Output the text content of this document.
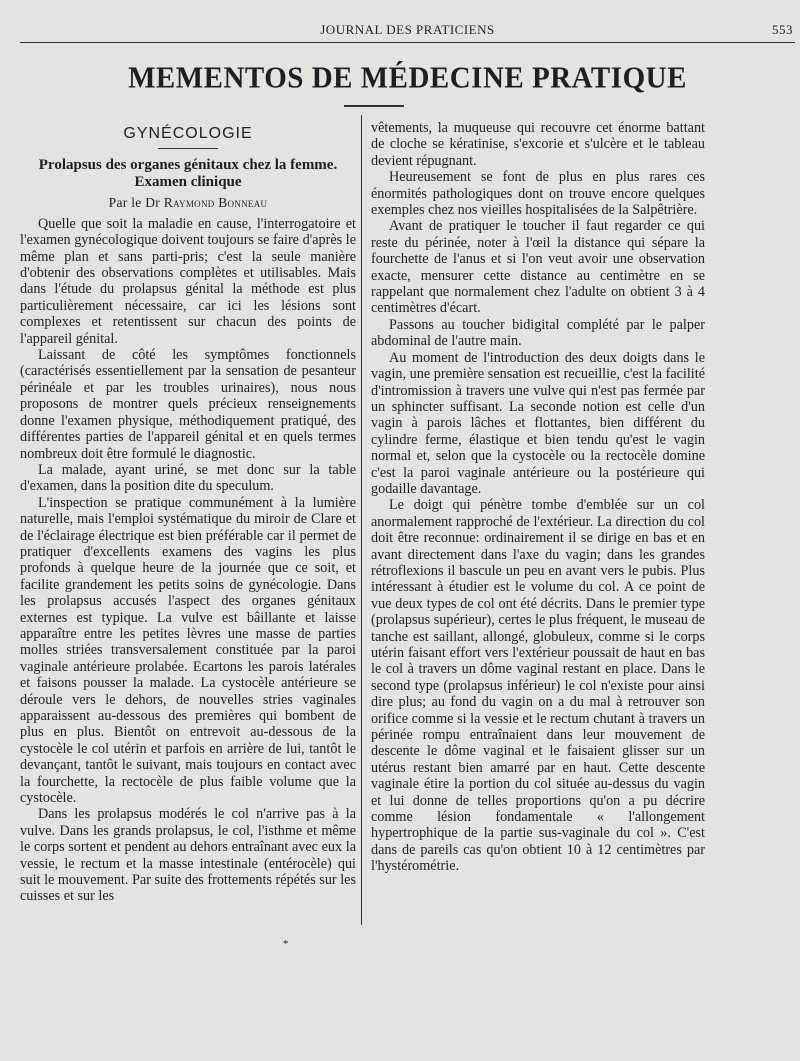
JOURNAL DES PRATICIENS	553
MEMENTOS DE MÉDECINE PRATIQUE
GYNÉCOLOGIE
Prolapsus des organes génitaux chez la femme.
Examen clinique
Par le Dr Raymond Bonneau

Quelle que soit la maladie en cause, l'interrogatoire et l'examen gynécologique doivent toujours se faire d'après le même plan et sans parti-pris; c'est la seule manière d'obtenir des observations complètes et utilisables. Mais dans l'étude du prolapsus génital la méthode est plus particulièrement nécessaire, car ici les lésions sont complexes et retentissent sur chacun des points de l'appareil génital.

Laissant de côté les symptômes fonctionnels (caractérisés essentiellement par la sensation de pesanteur périnéale et par les troubles urinaires), nous nous proposons de montrer quels précieux renseignements donne l'examen physique, méthodiquement pratiqué, des différentes parties de l'appareil génital et en quels termes nombreux doit être formulé le diagnostic.

La malade, ayant uriné, se met donc sur la table d'examen, dans la position dite du speculum.

L'inspection se pratique communément à la lumière naturelle, mais l'emploi systématique du miroir de Clare et de l'éclairage électrique est bien préférable car il permet de pratiquer d'excellents examens des vagins les plus profonds à quelque heure de la journée que ce soit, et facilite grandement les petits soins de gynécologie. Dans les prolapsus accusés l'aspect des organes génitaux externes est typique. La vulve est bâillante et laisse apparaître entre les petites lèvres une masse de parties molles striées transversalement constituée par la paroi vaginale antérieure prolabée. Ecartons les parois latérales et faisons pousser la malade. La cystocèle antérieure se déroule vers le dehors, de nouvelles stries vaginales apparaissent au-dessous des premières qui bombent de plus en plus. Bientôt on entrevoit au-dessous de la cystocèle le col utérin et parfois en arrière de lui, tantôt le devançant, tantôt le suivant, mais toujours en contact avec la fourchette, la rectocèle de plus faible volume que la cystocèle.

Dans les prolapsus modérés le col n'arrive pas à la vulve. Dans les grands prolapsus, le col, l'isthme et même le corps sortent et pendent au dehors entraînant avec eux la vessie, le rectum et la masse intestinale (entérocèle) qui suit le mouvement. Par suite des frottements répétés sur les cuisses et sur les

vêtements, la muqueuse qui recouvre cet énorme battant de cloche se kératinise, s'excorie et s'ulcère et le tableau devient répugnant.

Heureusement se font de plus en plus rares ces énormités pathologiques dont on trouve encore quelques exemples chez nos vieilles hospitalisées de la Salpêtrière.

Avant de pratiquer le toucher il faut regarder ce qui reste du périnée, noter à l'œil la distance qui sépare la fourchette de l'anus et si l'on veut avoir une observation exacte, mensurer cette distance au centimètre en se rappelant que normalement chez l'adulte on obtient 3 à 4 centimètres d'écart.

Passons au toucher bidigital complété par le palper abdominal de l'autre main.

Au moment de l'introduction des deux doigts dans le vagin, une première sensation est recueillie, c'est la facilité d'intromission à travers une vulve qui n'est pas fermée par un sphincter suffisant. La seconde notion est celle d'un vagin à parois lâches et flottantes, bien différent du cylindre ferme, élastique et bien tendu qu'est le vagin normal et, selon que la cystocèle ou la rectocèle domine c'est la paroi vaginale antérieure ou la postérieure qui godaille davantage.

Le doigt qui pénètre tombe d'emblée sur un col anormalement rapproché de l'extérieur. La direction du col doit être reconnue: ordinairement il se dirige en bas et en avant directement dans l'axe du vagin; dans les grandes rétroflexions il bascule un peu en avant vers le pubis. Plus intéressant à étudier est le volume du col. A ce point de vue deux types de col ont été décrits. Dans le premier type (prolapsus supérieur), certes le plus fréquent, le museau de tanche est saillant, allongé, globuleux, comme si le corps utérin faisant effort vers l'extérieur poussait de haut en bas le col à travers un dôme vaginal restant en place. Dans le second type (prolapsus inférieur) le col n'existe pour ainsi dire plus; au fond du vagin on a du mal à retrouver son orifice comme si la vessie et le rectum chutant à travers un périnée rompu entraînaient dans leur mouvement de descente le dôme vaginal et le faisaient glisser sur un utérus restant bien amarré par en haut. Cette descente vaginale étire la portion du col située au-dessus du vagin et lui donne de telles proportions qu'on a pu décrire comme lésion fondamentale « l'allongement hypertrophique de la partie sus-vaginale du col ». C'est dans de pareils cas qu'on obtient 10 à 12 centimètres par l'hystérométrie.

*
